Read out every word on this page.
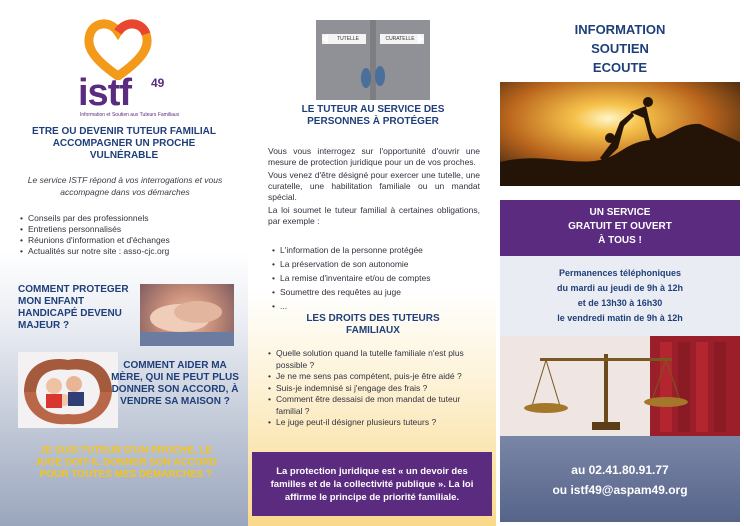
istf 49
Information et Soutien aux Tuteurs Familiaux
ETRE OU DEVENIR TUTEUR FAMILIAL ACCOMPAGNER UN PROCHE VULNÉRABLE
Le service ISTF répond à vos interrogations et vous accompagne dans vos démarches
• Conseils par des professionnels
• Entretiens personnalisés
• Réunions d'information et d'échanges
• Actualités sur notre site : asso-cjc.org
COMMENT PROTEGER MON ENFANT HANDICAPÉ DEVENU MAJEUR ?
COMMENT AIDER MA MÈRE, QUI NE PEUT PLUS DONNER SON ACCORD, À VENDRE SA MAISON ?
JE SUIS TUTEUR D'UN PROCHE, LE JUGE DOIT-IL DONNER SON ACCORD POUR TOUTES MES DÉMARCHES ?
TUTELLE	CURATELLE
LE TUTEUR AU SERVICE DES PERSONNES À PROTÉGER

Vous vous interrogez sur l'opportunité d'ouvrir une mesure de protection juridique pour un de vos proches.

Vous venez d'être désigné pour exercer une tutelle, une curatelle, une habilitation familiale ou un mandat spécial.

La loi soumet le tuteur familial à certaines obligations, par exemple :

• L'information de la personne protégée
• La préservation de son autonomie
• La remise d'inventaire et/ou de comptes
• Soumettre des requêtes au juge
• ...
LES DROITS DES TUTEURS FAMILIAUX
• Quelle solution quand la tutelle familiale n'est plus possible ?
• Je ne me sens pas compétent, puis-je être aidé ?
• Suis-je indemnisé si j'engage des frais ?
• Comment être dessaisi de mon mandat de tuteur familial ?
• Le juge peut-il désigner plusieurs tuteurs ?
La protection juridique est « un devoir des familles et de la collectivité publique ». La loi affirme le principe de priorité familiale.
INFORMATION
SOUTIEN
ECOUTE
UN SERVICE
GRATUIT ET OUVERT
À TOUS !
Permanences téléphoniques
du mardi au jeudi de 9h à 12h
et de 13h30 à 16h30
le vendredi matin de 9h à 12h
au 02.41.80.91.77
ou istf49@aspam49.org
